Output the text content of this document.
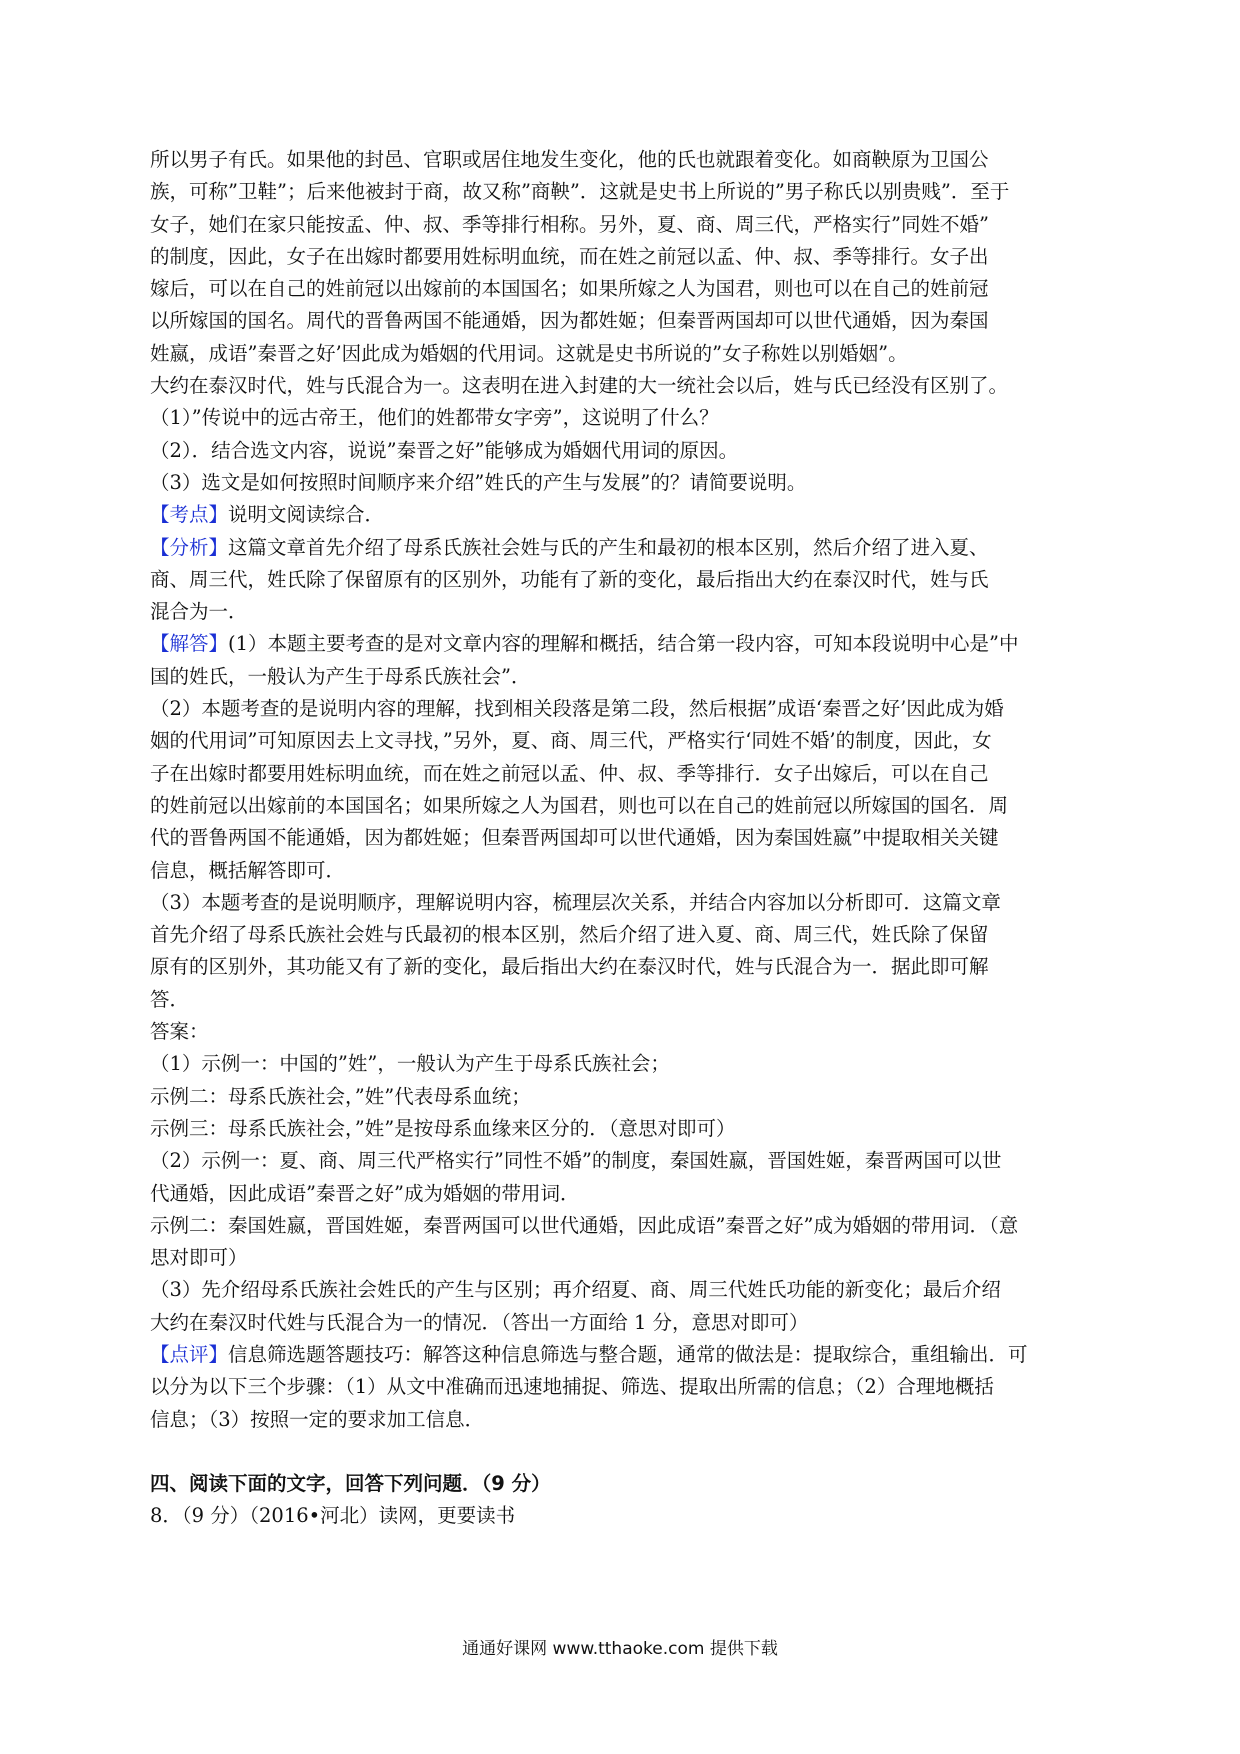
所以男子有氏。如果他的封邑、官职或居住地发生变化，他的氏也就跟着变化。如商鞅原为卫国公
族，可称”卫鞋”；后来他被封于商，故又称”商鞅”．这就是史书上所说的”男子称氏以别贵贱”．至于
女子，她们在家只能按孟、仲、叔、季等排行相称。另外，夏、商、周三代，严格实行”同姓不婚”
的制度，因此，女子在出嫁时都要用姓标明血统，而在姓之前冠以孟、仲、叔、季等排行。女子出
嫁后，可以在自己的姓前冠以出嫁前的本国国名；如果所嫁之人为国君，则也可以在自己的姓前冠
以所嫁国的国名。周代的晋鲁两国不能通婚，因为都姓姬；但秦晋两国却可以世代通婚，因为秦国
姓嬴，成语”秦晋之好’因此成为婚姻的代用词。这就是史书所说的”女子称姓以别婚姻”。
大约在泰汉时代，姓与氏混合为一。这表明在进入封建的大一统社会以后，姓与氏已经没有区别了。
（1）”传说中的远古帝王，他们的姓都带女字旁”，这说明了什么？
（2）．结合选文内容，说说”秦晋之好”能够成为婚姻代用词的原因。
（3）选文是如何按照时间顺序来介绍”姓氏的产生与发展”的？请简要说明。
【考点】说明文阅读综合．
【分析】这篇文章首先介绍了母系氏族社会姓与氏的产生和最初的根本区别，然后介绍了进入夏、
商、周三代，姓氏除了保留原有的区别外，功能有了新的变化，最后指出大约在泰汉时代，姓与氏
混合为一．
【解答】(1）本题主要考查的是对文章内容的理解和概括，结合第一段内容，可知本段说明中心是”中
国的姓氏，一般认为产生于母系氏族社会”．
（2）本题考查的是说明内容的理解，找到相关段落是第二段，然后根据”成语‘秦晋之好’因此成为婚
姻的代用词”可知原因去上文寻找，”另外，夏、商、周三代，严格实行‘同姓不婚’的制度，因此，女
子在出嫁时都要用姓标明血统，而在姓之前冠以孟、仲、叔、季等排行．女子出嫁后，可以在自己
的姓前冠以出嫁前的本国国名；如果所嫁之人为国君，则也可以在自己的姓前冠以所嫁国的国名．周
代的晋鲁两国不能通婚，因为都姓姬；但秦晋两国却可以世代通婚，因为秦国姓嬴”中提取相关关键
信息，概括解答即可．
（3）本题考查的是说明顺序，理解说明内容，梳理层次关系，并结合内容加以分析即可．这篇文章
首先介绍了母系氏族社会姓与氏最初的根本区别，然后介绍了进入夏、商、周三代，姓氏除了保留
原有的区别外，其功能又有了新的变化，最后指出大约在泰汉时代，姓与氏混合为一．据此即可解
答．
答案：
（1）示例一：中国的”姓”，一般认为产生于母系氏族社会；
示例二：母系氏族社会，”姓”代表母系血统；
示例三：母系氏族社会，”姓”是按母系血缘来区分的．（意思对即可）
（2）示例一：夏、商、周三代严格实行”同性不婚”的制度，秦国姓嬴，晋国姓姬，秦晋两国可以世
代通婚，因此成语”秦晋之好”成为婚姻的带用词．
示例二：秦国姓嬴，晋国姓姬，秦晋两国可以世代通婚，因此成语”秦晋之好”成为婚姻的带用词．（意
思对即可）
（3）先介绍母系氏族社会姓氏的产生与区别；再介绍夏、商、周三代姓氏功能的新变化；最后介绍
大约在秦汉时代姓与氏混合为一的情况．（答出一方面给 1 分，意思对即可）
【点评】信息筛选题答题技巧：解答这种信息筛选与整合题，通常的做法是：提取综合，重组输出．可
以分为以下三个步骤：（1）从文中准确而迅速地捕捉、筛选、提取出所需的信息；（2）合理地概括
信息；（3）按照一定的要求加工信息．
四、阅读下面的文字，回答下列问题．（9 分）
8．（9 分）（2016•河北）读网，更要读书
通通好课网 www.tthaoke.com 提供下载
